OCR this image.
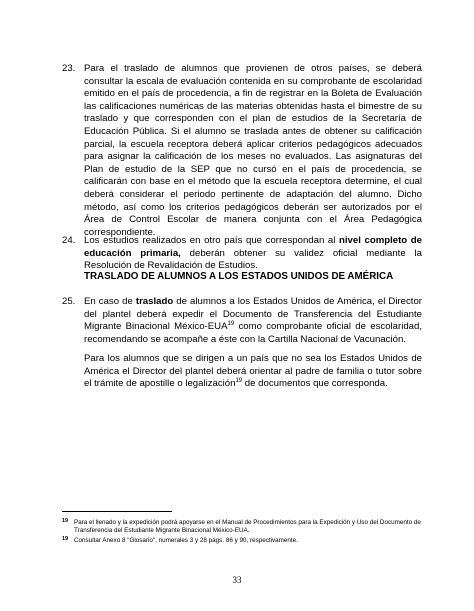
23. Para el traslado de alumnos que provienen de otros países, se deberá consultar la escala de evaluación contenida en su comprobante de escolaridad emitido en el país de procedencia, a fin de registrar en la Boleta de Evaluación las calificaciones numéricas de las materias obtenidas hasta el bimestre de su traslado y que corresponden con el plan de estudios de la Secretaría de Educación Pública. Si el alumno se traslada antes de obtener su calificación parcial, la escuela receptora deberá aplicar criterios pedagógicos adecuados para asignar la calificación de los meses no evaluados. Las asignaturas del Plan de estudio de la SEP que no cursó en el país de procedencia, se calificarán con base en el método que la escuela receptora determine, el cual deberá considerar el periodo pertinente de adaptación del alumno. Dicho método, así como los criterios pedagógicos deberán ser autorizados por el Área de Control Escolar de manera conjunta con el Área Pedagógica correspondiente.
24. Los estudios realizados en otro país que correspondan al nivel completo de educación primaria, deberán obtener su validez oficial mediante la Resolución de Revalidación de Estudios.
TRASLADO DE ALUMNOS A LOS ESTADOS UNIDOS DE AMÉRICA
25. En caso de traslado de alumnos a los Estados Unidos de América, el Director del plantel deberá expedir el Documento de Transferencia del Estudiante Migrante Binacional México-EUA$^{19}$ como comprobante oficial de escolaridad, recomendando se acompañe a éste con la Cartilla Nacional de Vacunación.
Para los alumnos que se dirigen a un país que no sea los Estados Unidos de América el Director del plantel deberá orientar al padre de familia o tutor sobre el trámite de apostille o legalización$^{19}$ de documentos que corresponda.
19 Para el llenado y la expedición podrá apoyarse en el Manual de Procedimientos para la Expedición y Uso del Documento de Transferencia del Estudiante Migrante Binacional México-EUA.
19 Consultar Anexo 8 "Glosario", numerales 3 y 28 págs. 86 y 90, respectivamente.
33
